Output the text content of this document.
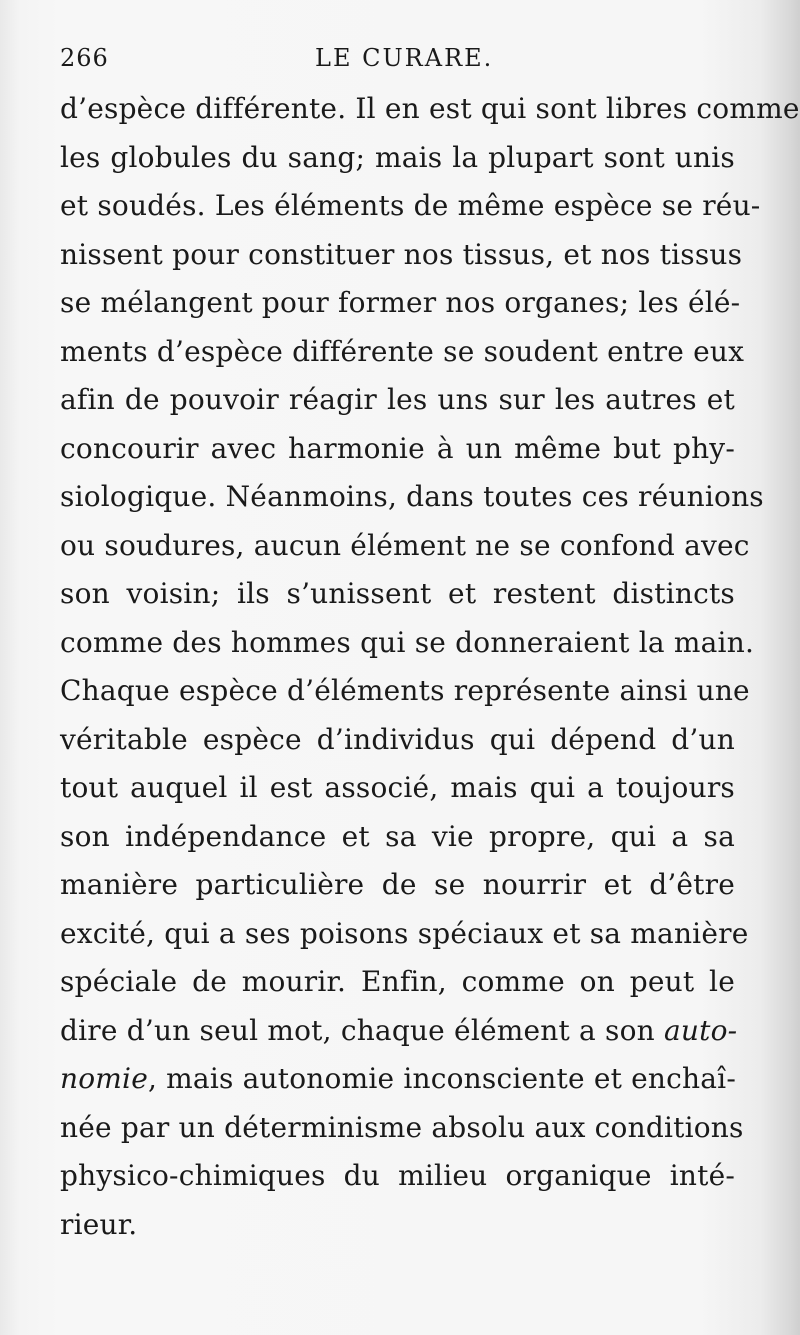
266	LE CURARE.
d’espèce différente. Il en est qui sont libres comme
les globules du sang; mais la plupart sont unis
et soudés. Les éléments de même espèce se réu-
nissent pour constituer nos tissus, et nos tissus
se mélangent pour former nos organes; les élé-
ments d’espèce différente se soudent entre eux
afin de pouvoir réagir les uns sur les autres et
concourir avec harmonie à un même but phy-
siologique. Néanmoins, dans toutes ces réunions
ou soudures, aucun élément ne se confond avec
son voisin; ils s’unissent et restent distincts
comme des hommes qui se donneraient la main.
Chaque espèce d’éléments représente ainsi une
véritable espèce d’individus qui dépend d’un
tout auquel il est associé, mais qui a toujours
son indépendance et sa vie propre, qui a sa
manière particulière de se nourrir et d’être
excité, qui a ses poisons spéciaux et sa manière
spéciale de mourir. Enfin, comme on peut le
dire d’un seul mot, chaque élément a son auto-
nomie, mais autonomie inconsciente et enchaî-
née par un déterminisme absolu aux conditions
physico-chimiques du milieu organique inté-
rieur.
